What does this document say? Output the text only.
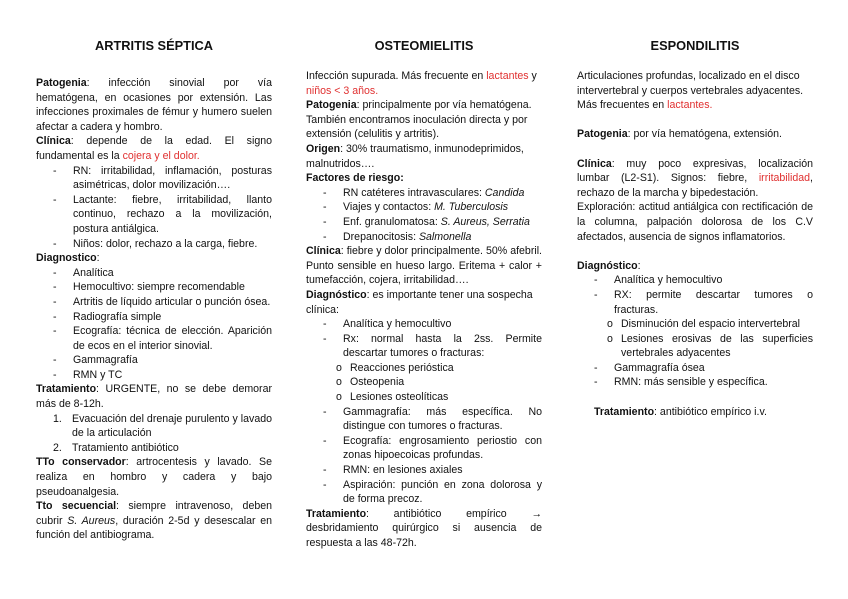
ARTRITIS SÉPTICA

Patogenia: infección sinovial por vía hematógena, en ocasiones por extensión. Las infecciones proximales de fémur y humero suelen afectar a cadera y hombro.

Clínica: depende de la edad. El signo fundamental es la cojera y el dolor.

- RN: irritabilidad, inflamación, posturas asimétricas, dolor movilización….
- Lactante: fiebre, irritabilidad, llanto continuo, rechazo a la movilización, postura antiálgica.
- Niños: dolor, rechazo a la carga, fiebre.

Diagnostico:

- Analítica
- Hemocultivo: siempre recomendable
- Artritis de líquido articular o punción ósea.
- Radiografía simple
- Ecografía: técnica de elección. Aparición de ecos en el interior sinovial.
- Gammagrafía
- RMN y TC

Tratamiento: URGENTE, no se debe demorar más de 8-12h.

1. Evacuación del drenaje purulento y lavado de la articulación
2. Tratamiento antibiótico

TTo conservador: artrocentesis y lavado. Se realiza en hombro y cadera y bajo pseudoanalgesia.

Tto secuencial: siempre intravenoso, deben cubrir S. Aureus, duración 2-5d y desescalar en función del antibiograma.

OSTEOMIELITIS

Infección supurada. Más frecuente en lactantes y niños < 3 años.

Patogenia: principalmente por vía hematógena. También encontramos inoculación directa y por extensión (celulitis y artritis).

Origen: 30% traumatismo, inmunodeprimidos, malnutridos….

Factores de riesgo:

- RN catéteres intravasculares: Candida
- Viajes y contactos: M. Tuberculosis
- Enf. granulomatosa: S. Aureus, Serratia
- Drepanocitosis: Salmonella

Clínica: fiebre y dolor principalmente. 50% afebril. Punto sensible en hueso largo. Eritema + calor + tumefacción, cojera, irritabilidad….

Diagnóstico: es importante tener una sospecha clínica:

- Analítica y hemocultivo
- Rx: normal hasta la 2ss. Permite descartar tumores o fracturas:
o Reacciones perióstica
o Osteopenia
o Lesiones osteolíticas
- Gammagrafía: más específica. No distingue con tumores o fracturas.
- Ecografía: engrosamiento periostio con zonas hipoecoicas profundas.
- RMN: en lesiones axiales
- Aspiración: punción en zona dolorosa y de forma precoz.

Tratamiento: antibiótico empírico → desbridamiento quirúrgico si ausencia de respuesta a las 48-72h.

ESPONDILITIS

Articulaciones profundas, localizado en el disco intervertebral y cuerpos vertebrales adyacentes. Más frecuentes en lactantes.

Patogenia: por vía hematógena, extensión.

Clínica: muy poco expresivas, localización lumbar (L2-S1). Signos: fiebre, irritabilidad, rechazo de la marcha y bipedestación.

Exploración: actitud antiálgica con rectificación de la columna, palpación dolorosa de los C.V afectados, ausencia de signos inflamatorios.

Diagnóstico:

- Analítica y hemocultivo
- RX: permite descartar tumores o fracturas.
o Disminución del espacio intervertebral
o Lesiones erosivas de las superficies vertebrales adyacentes
- Gammagrafía ósea
- RMN: más sensible y específica.

Tratamiento: antibiótico empírico i.v.
